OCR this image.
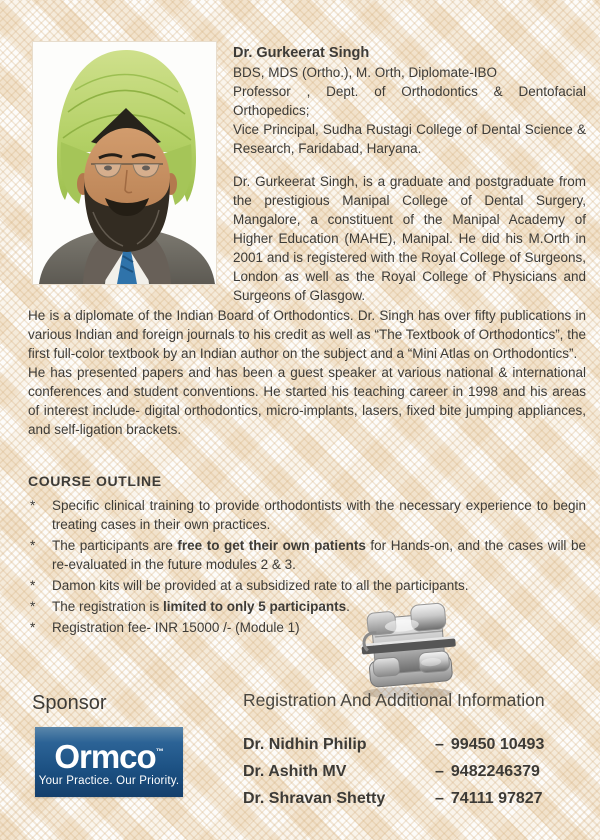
Dr. Gurkeerat Singh
BDS, MDS (Ortho.), M. Orth, Diplomate-IBO
Professor , Dept. of Orthodontics & Dentofacial Orthopedics;
Vice Principal, Sudha Rustagi College of Dental Science & Research, Faridabad, Haryana.

Dr. Gurkeerat Singh, is a graduate and postgraduate from the prestigious Manipal College of Dental Surgery, Mangalore, a constituent of the Manipal Academy of Higher Education (MAHE), Manipal. He did his M.Orth in 2001 and is registered with the Royal College of Surgeons, London as well as the Royal College of Physicians and Surgeons of Glasgow.

He is a diplomate of the Indian Board of Orthodontics. Dr. Singh has over fifty publications in various Indian and foreign journals to his credit as well as “The Textbook of Orthodontics”, the first full-color textbook by an Indian author on the subject and a “Mini Atlas on Orthodontics”.

He has presented papers and has been a guest speaker at various national & international conferences and student conventions. He started his teaching career in 1998 and his areas of interest include- digital orthodontics, micro-implants, lasers, fixed bite jumping appliances, and self-ligation brackets.

COURSE OUTLINE
*	Specific clinical training to provide orthodontists with the necessary experience to begin treating cases in their own practices.
*	The participants are free to get their own patients for Hands-on, and the cases will be re-evaluated in the future modules 2 & 3.
*	Damon kits will be provided at a subsidized rate to all the participants.
*	The registration is limited to only 5 participants.
*	Registration fee- INR 15000 /- (Module 1)
Sponsor
Ormco™
Your Practice. Our Priority.
Registration And Additional Information
Dr. Nidhin Philip	– 99450 10493
Dr. Ashith MV	– 9482246379
Dr. Shravan Shetty	– 74111 97827
